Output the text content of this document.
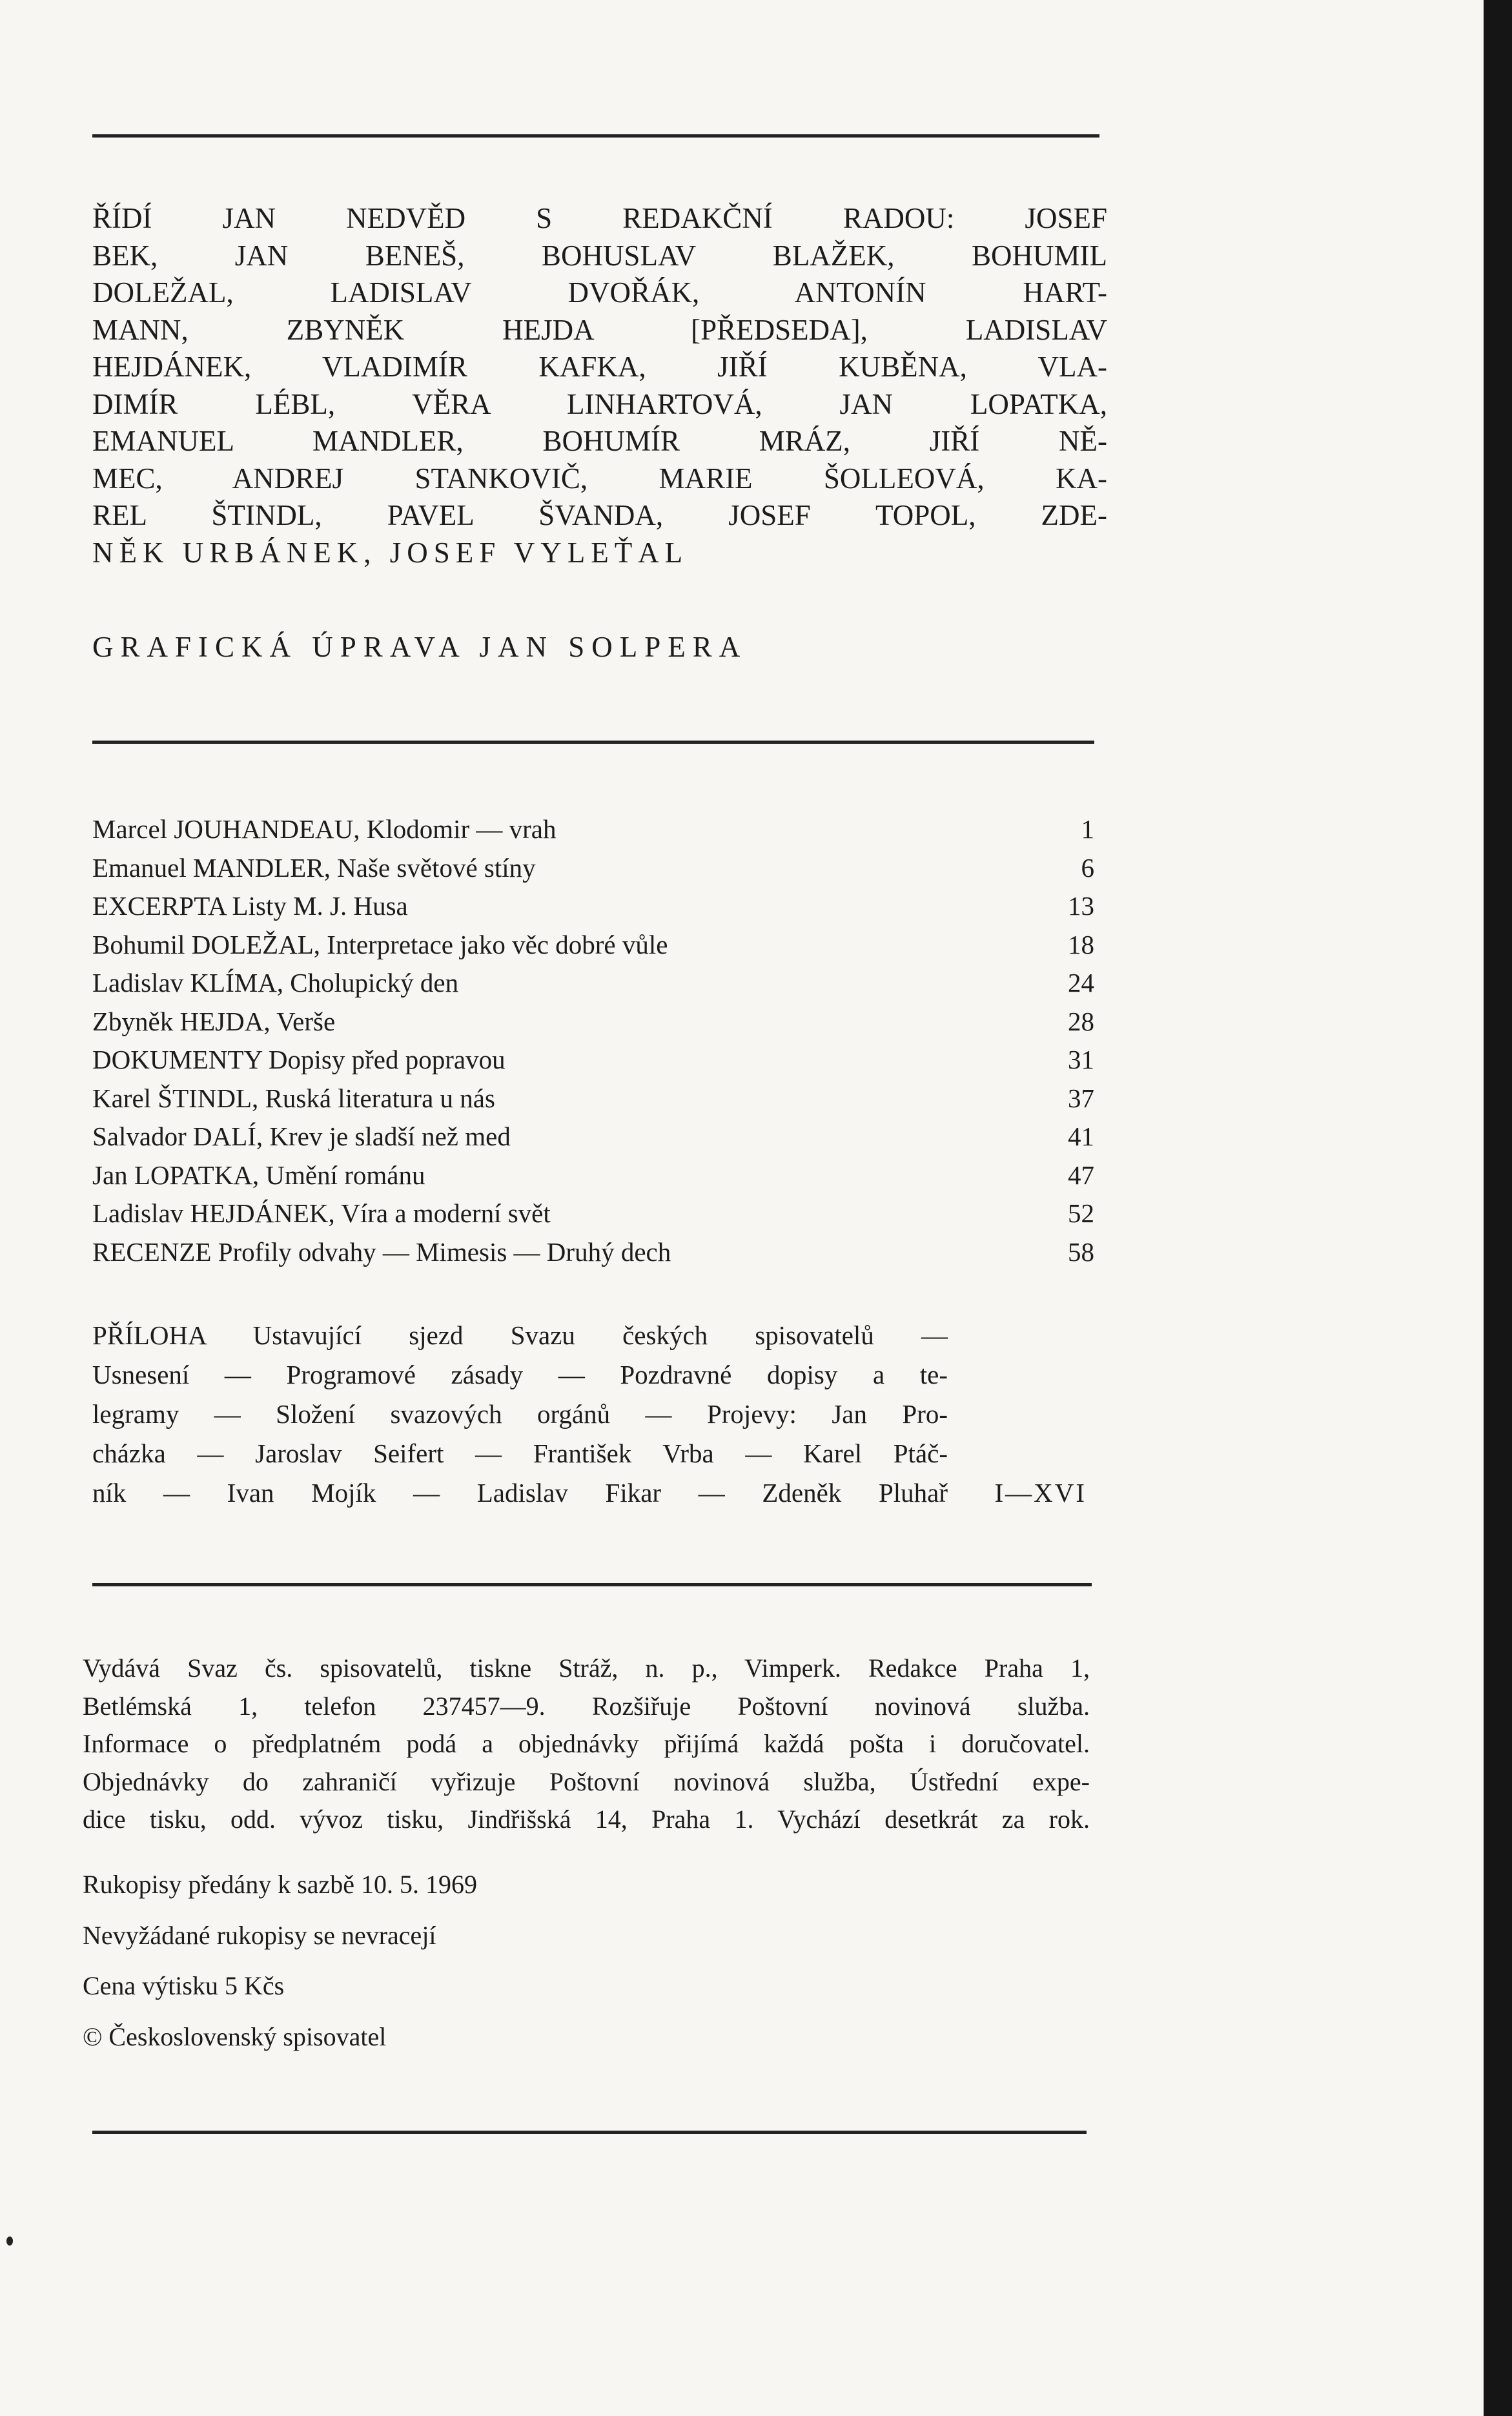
ŘÍDÍ JAN NEDVĚD S REDAKČNÍ RADOU: JOSEF
BEK, JAN BENEŠ, BOHUSLAV BLAŽEK, BOHUMIL
DOLEŽAL, LADISLAV DVOŘÁK, ANTONÍN HART-
MANN, ZBYNĚK HEJDA [PŘEDSEDA], LADISLAV
HEJDÁNEK, VLADIMÍR KAFKA, JIŘÍ KUBĚNA, VLA-
DIMÍR LÉBL, VĚRA LINHARTOVÁ, JAN LOPATKA,
EMANUEL MANDLER, BOHUMÍR MRÁZ, JIŘÍ NĚ-
MEC, ANDREJ STANKOVIČ, MARIE ŠOLLEOVÁ, KA-
REL ŠTINDL, PAVEL ŠVANDA, JOSEF TOPOL, ZDE-
NĚK URBÁNEK, JOSEF VYLEŤAL
GRAFICKÁ ÚPRAVA JAN SOLPERA
Marcel JOUHANDEAU, Klodomir — vrah	1
Emanuel MANDLER, Naše světové stíny	6
EXCERPTA Listy M. J. Husa	13
Bohumil DOLEŽAL, Interpretace jako věc dobré vůle	18
Ladislav KLÍMA, Cholupický den	24
Zbyněk HEJDA, Verše	28
DOKUMENTY Dopisy před popravou	31
Karel ŠTINDL, Ruská literatura u nás	37
Salvador DALÍ, Krev je sladší než med	41
Jan LOPATKA, Umění románu	47
Ladislav HEJDÁNEK, Víra a moderní svět	52
RECENZE Profily odvahy — Mimesis — Druhý dech	58
PŘÍLOHA Ustavující sjezd Svazu českých spisovatelů —
Usnesení — Programové zásady — Pozdravné dopisy a te-
legramy — Složení svazových orgánů — Projevy: Jan Pro-
cházka — Jaroslav Seifert — František Vrba — Karel Ptáč-
ník — Ivan Mojík — Ladislav Fikar — Zdeněk Pluhař I—XVI
Vydává Svaz čs. spisovatelů, tiskne Stráž, n. p., Vimperk. Redakce Praha 1,
Betlémská 1, telefon 237457—9. Rozšiřuje Poštovní novinová služba.
Informace o předplatném podá a objednávky přijímá každá pošta i doručovatel.
Objednávky do zahraničí vyřizuje Poštovní novinová služba, Ústřední expe-
dice tisku, odd. vývoz tisku, Jindřišská 14, Praha 1. Vychází desetkrát za rok.
Rukopisy předány k sazbě 10. 5. 1969
Nevyžádané rukopisy se nevracejí
Cena výtisku 5 Kčs
© Československý spisovatel
